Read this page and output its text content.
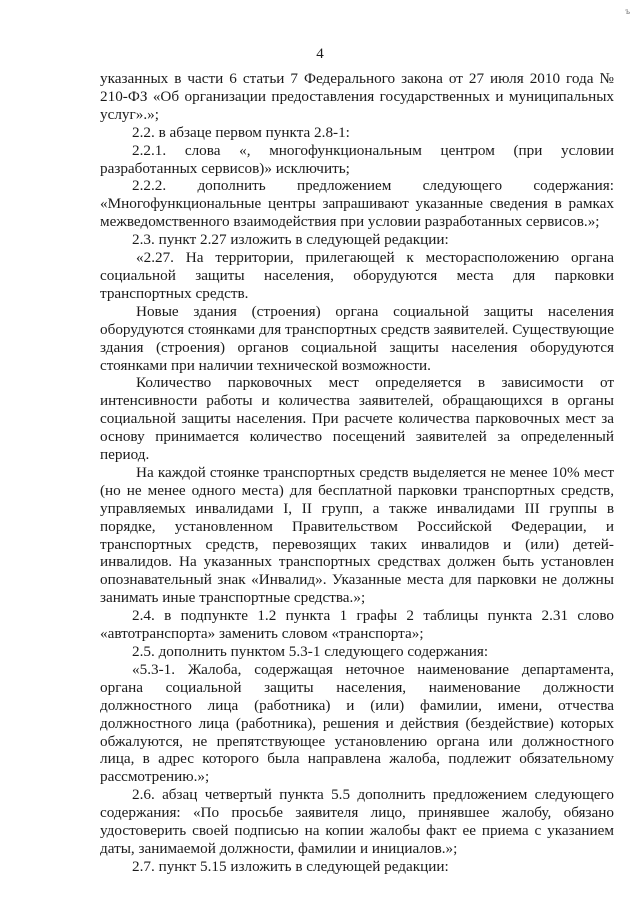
ъ
4

указанных в части 6 статьи 7 Федерального закона от 27 июля 2010 года № 210-ФЗ «Об организации предоставления государственных и муниципальных услуг».»;

2.2. в абзаце первом пункта 2.8-1:

2.2.1. слова «, многофункциональным центром (при условии разработанных сервисов)» исключить;

2.2.2. дополнить предложением следующего содержания: «Многофункциональные центры запрашивают указанные сведения в рамках межведомственного взаимодействия при условии разработанных сервисов.»;

2.3. пункт 2.27 изложить в следующей редакции:

«2.27. На территории, прилегающей к месторасположению органа социальной защиты населения, оборудуются места для парковки транспортных средств.

Новые здания (строения) органа социальной защиты населения оборудуются стоянками для транспортных средств заявителей. Существующие здания (строения) органов социальной защиты населения оборудуются стоянками при наличии технической возможности.

Количество парковочных мест определяется в зависимости от интенсивности работы и количества заявителей, обращающихся в органы социальной защиты населения. При расчете количества парковочных мест за основу принимается количество посещений заявителей за определенный период.

На каждой стоянке транспортных средств выделяется не менее 10% мест (но не менее одного места) для бесплатной парковки транспортных средств, управляемых инвалидами I, II групп, а также инвалидами III группы в порядке, установленном Правительством Российской Федерации, и транспортных средств, перевозящих таких инвалидов и (или) детей-инвалидов. На указанных транспортных средствах должен быть установлен опознавательный знак «Инвалид». Указанные места для парковки не должны занимать иные транспортные средства.»;

2.4. в подпункте 1.2 пункта 1 графы 2 таблицы пункта 2.31 слово «автотранспорта» заменить словом «транспорта»;

2.5. дополнить пунктом 5.3-1 следующего содержания:

«5.3-1. Жалоба, содержащая неточное наименование департамента, органа социальной защиты населения, наименование должности должностного лица (работника) и (или) фамилии, имени, отчества должностного лица (работника), решения и действия (бездействие) которых обжалуются, не препятствующее установлению органа или должностного лица, в адрес которого была направлена жалоба, подлежит обязательному рассмотрению.»;

2.6. абзац четвертый пункта 5.5 дополнить предложением следующего содержания: «По просьбе заявителя лицо, принявшее жалобу, обязано удостоверить своей подписью на копии жалобы факт ее приема с указанием даты, занимаемой должности, фамилии и инициалов.»;

2.7. пункт 5.15 изложить в следующей редакции:
